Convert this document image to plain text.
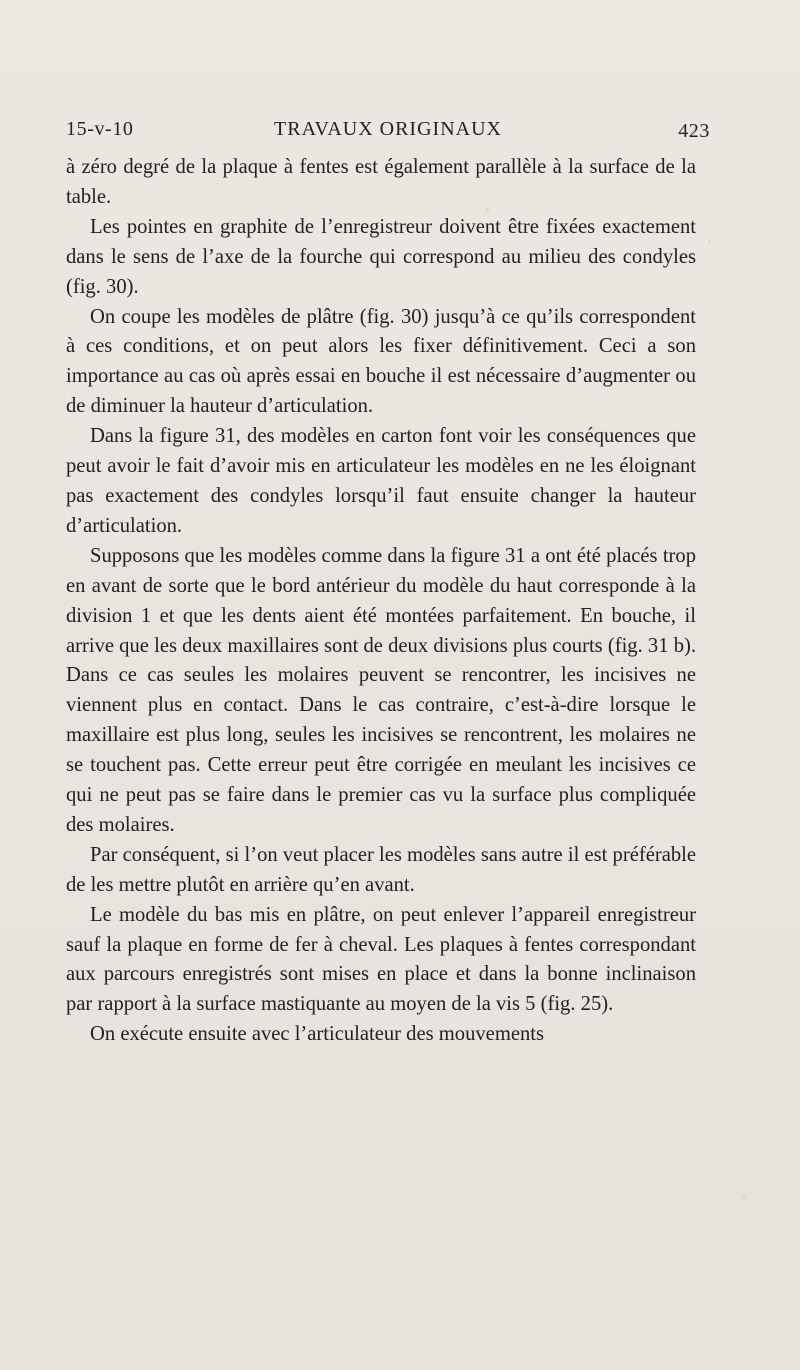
15-v-10	TRAVAUX ORIGINAUX	423

à zéro degré de la plaque à fentes est également parallèle à la surface de la table.

Les pointes en graphite de l’enregistreur doivent être fixées exactement dans le sens de l’axe de la fourche qui correspond au milieu des condyles (fig. 30).

On coupe les modèles de plâtre (fig. 30) jusqu’à ce qu’ils correspondent à ces conditions, et on peut alors les fixer définitivement. Ceci a son importance au cas où après essai en bouche il est nécessaire d’augmenter ou de diminuer la hauteur d’articulation.

Dans la figure 31, des modèles en carton font voir les conséquences que peut avoir le fait d’avoir mis en articulateur les modèles en ne les éloignant pas exactement des condyles lorsqu’il faut ensuite changer la hauteur d’articulation.

Supposons que les modèles comme dans la figure 31 a ont été placés trop en avant de sorte que le bord antérieur du modèle du haut corresponde à la division 1 et que les dents aient été montées parfaitement. En bouche, il arrive que les deux maxillaires sont de deux divisions plus courts (fig. 31 b). Dans ce cas seules les molaires peuvent se rencontrer, les incisives ne viennent plus en contact. Dans le cas contraire, c’est-à-dire lorsque le maxillaire est plus long, seules les incisives se rencontrent, les molaires ne se touchent pas. Cette erreur peut être corrigée en meulant les incisives ce qui ne peut pas se faire dans le premier cas vu la surface plus compliquée des molaires.

Par conséquent, si l’on veut placer les modèles sans autre il est préférable de les mettre plutôt en arrière qu’en avant.

Le modèle du bas mis en plâtre, on peut enlever l’appareil enregistreur sauf la plaque en forme de fer à cheval. Les plaques à fentes correspondant aux parcours enregistrés sont mises en place et dans la bonne inclinaison par rapport à la surface mastiquante au moyen de la vis 5 (fig. 25).

On exécute ensuite avec l’articulateur des mouvements
